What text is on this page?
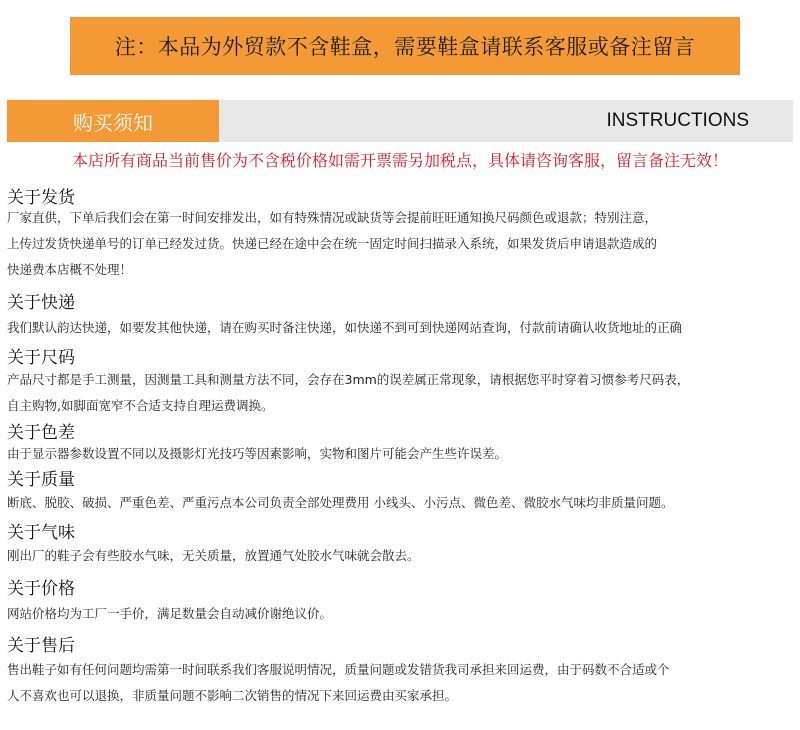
注：本品为外贸款不含鞋盒，需要鞋盒请联系客服或备注留言
购买须知	INSTRUCTIONS
本店所有商品当前售价为不含税价格如需开票需另加税点，具体请咨询客服，留言备注无效！
关于发货
厂家直供，下单后我们会在第一时间安排发出，如有特殊情况或缺货等会提前旺旺通知换尺码颜色或退款；特别注意，
上传过发货快递单号的订单已经发过货。快递已经在途中会在统一固定时间扫描录入系统，如果发货后申请退款造成的
快递费本店概不处理！
关于快递
我们默认韵达快递，如要发其他快递，请在购买时备注快递，如快递不到可到快递网站查询，付款前请确认收货地址的正确
关于尺码
产品尺寸都是手工测量，因测量工具和测量方法不同，会存在3mm的误差属正常现象，请根据您平时穿着习惯参考尺码表，
自主购物,如脚面宽窄不合适支持自理运费调换。
关于色差
由于显示器参数设置不同以及摄影灯光技巧等因素影响，实物和图片可能会产生些许误差。
关于质量
断底、脱胶、破损、严重色差、严重污点本公司负责全部处理费用 小线头、小污点、微色差、微胶水气味均非质量问题。
关于气味
刚出厂的鞋子会有些胶水气味，无关质量，放置通气处胶水气味就会散去。
关于价格
网站价格均为工厂一手价，满足数量会自动减价谢绝议价。
关于售后
售出鞋子如有任何问题均需第一时间联系我们客服说明情况，质量问题或发错货我司承担来回运费，由于码数不合适或个
人不喜欢也可以退换，非质量问题不影响二次销售的情况下来回运费由买家承担。
